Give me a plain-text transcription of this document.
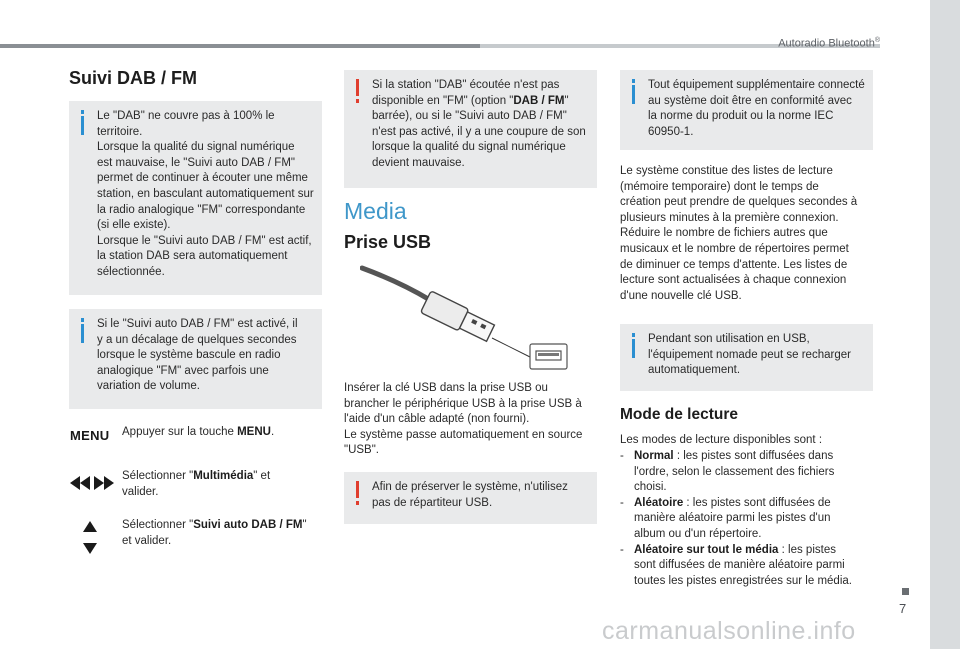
Autoradio Bluetooth®
7
Suivi DAB / FM

Le "DAB" ne couvre pas à 100% le

territoire.

Lorsque la qualité du signal numérique

est mauvaise, le "Suivi auto DAB / FM"

permet de continuer à écouter une même

station, en basculant automatiquement sur

la radio analogique "FM" correspondante

(si elle existe).

Lorsque le "Suivi auto DAB / FM" est actif,

la station DAB sera automatiquement

sélectionnée.

Si le "Suivi auto DAB / FM" est activé, il

y a un décalage de quelques secondes

lorsque le système bascule en radio

analogique "FM" avec parfois une

variation de volume.

MENU Appuyer sur la touche MENU.
Sélectionner "Multimédia" et
valider.
Sélectionner "Suivi auto DAB / FM"
et valider.

Si la station "DAB" écoutée n'est pas

disponible en "FM" (option "DAB / FM"

barrée), ou si le "Suivi auto DAB / FM"

n'est pas activé, il y a une coupure de son

lorsque la qualité du signal numérique

devient mauvaise.

Media
Prise USB

Insérer la clé USB dans la prise USB ou

brancher le périphérique USB à la prise USB à

l'aide d'un câble adapté (non fourni).

Le système passe automatiquement en source

"USB".

Afin de préserver le système, n'utilisez

pas de répartiteur USB.

Tout équipement supplémentaire connecté

au système doit être en conformité avec

la norme du produit ou la norme IEC

60950-1.

Le système constitue des listes de lecture

(mémoire temporaire) dont le temps de

création peut prendre de quelques secondes à

plusieurs minutes à la première connexion.

Réduire le nombre de fichiers autres que

musicaux et le nombre de répertoires permet

de diminuer ce temps d'attente. Les listes de

lecture sont actualisées à chaque connexion

d'une nouvelle clé USB.

Pendant son utilisation en USB,

l'équipement nomade peut se recharger

automatiquement.

Mode de lecture
Les modes de lecture disponibles sont :
- Normal : les pistes sont diffusées dans
l'ordre, selon le classement des fichiers
choisi.
- Aléatoire : les pistes sont diffusées de
manière aléatoire parmi les pistes d'un
album ou d'un répertoire.
- Aléatoire sur tout le média : les pistes
sont diffusées de manière aléatoire parmi
toutes les pistes enregistrées sur le média.
carmanualsonline.info
